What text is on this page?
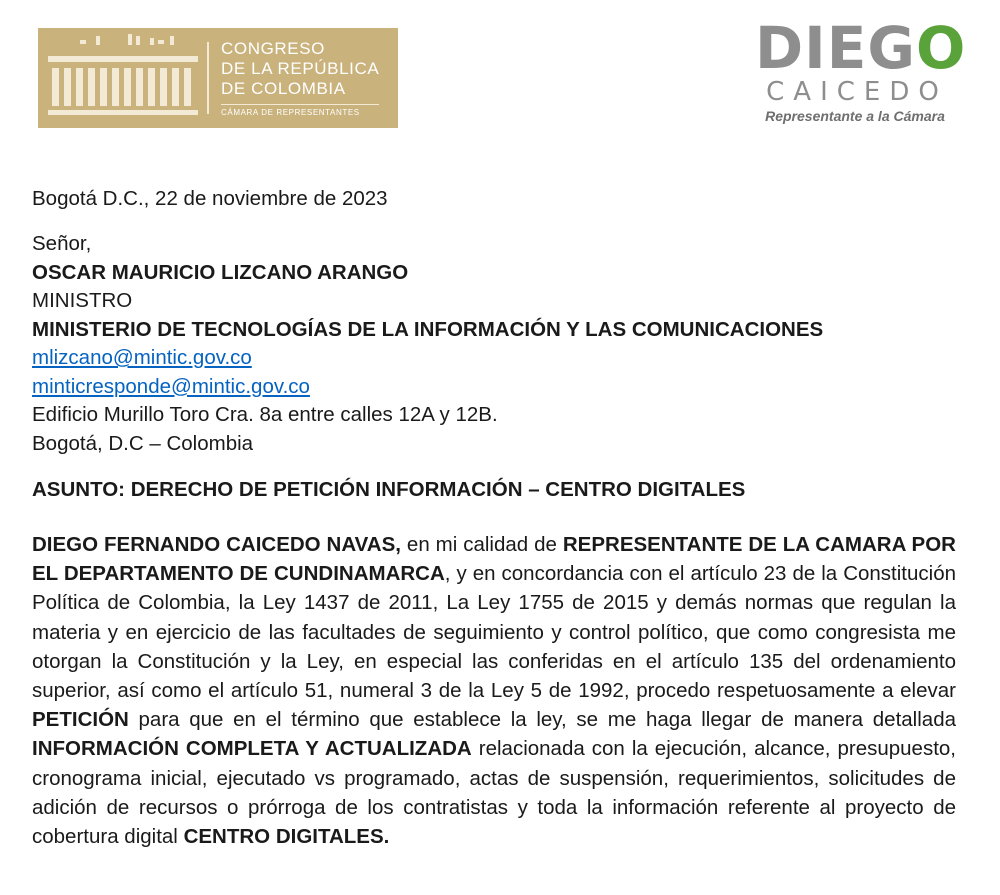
CONGRESO
DE LA REPÚBLICA
DE COLOMBIA
CÁMARA DE REPRESENTANTES
DIEGO
CAICEDO
Representante a la Cámara
Bogotá D.C., 22 de noviembre de 2023
Señor,
OSCAR MAURICIO LIZCANO ARANGO
MINISTRO
MINISTERIO DE TECNOLOGÍAS DE LA INFORMACIÓN Y LAS COMUNICACIONES
mlizcano@mintic.gov.co
minticresponde@mintic.gov.co
Edificio Murillo Toro Cra. 8a entre calles 12A y 12B.
Bogotá, D.C – Colombia
ASUNTO: DERECHO DE PETICIÓN INFORMACIÓN – CENTRO DIGITALES
DIEGO FERNANDO CAICEDO NAVAS, en mi calidad de REPRESENTANTE DE LA CAMARA POR EL DEPARTAMENTO DE CUNDINAMARCA, y en concordancia con el artículo 23 de la Constitución Política de Colombia, la Ley 1437 de 2011, La Ley 1755 de 2015 y demás normas que regulan la materia y en ejercicio de las facultades de seguimiento y control político, que como congresista me otorgan la Constitución y la Ley, en especial las conferidas en el artículo 135 del ordenamiento superior, así como el artículo 51, numeral 3 de la Ley 5 de 1992, procedo respetuosamente a elevar PETICIÓN para que en el término que establece la ley, se me haga llegar de manera detallada INFORMACIÓN COMPLETA Y ACTUALIZADA relacionada con la ejecución, alcance, presupuesto, cronograma inicial, ejecutado vs programado, actas de suspensión, requerimientos, solicitudes de adición de recursos o prórroga de los contratistas y toda la información referente al proyecto de cobertura digital CENTRO DIGITALES.
